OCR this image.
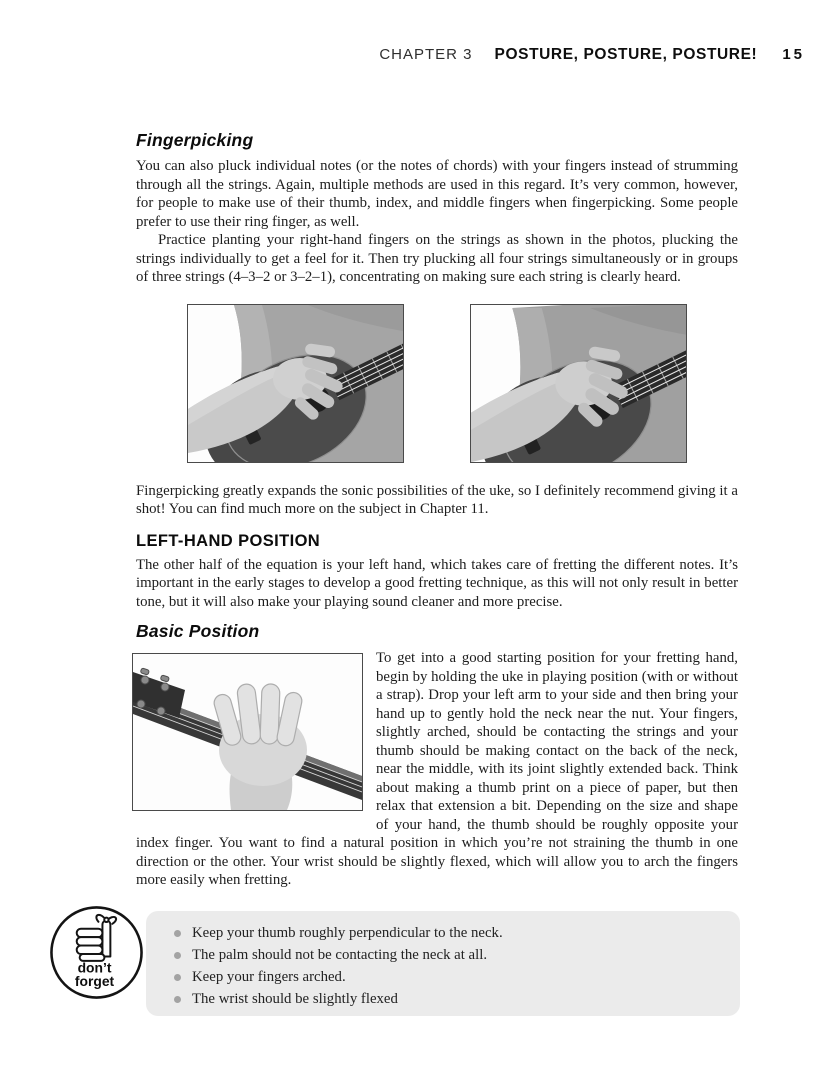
CHAPTER 3 POSTURE, POSTURE, POSTURE! 15
Fingerpicking

You can also pluck individual notes (or the notes of chords) with your fingers instead of strumming through all the strings. Again, multiple methods are used in this regard. It’s very common, however, for people to make use of their thumb, index, and middle fingers when fingerpicking. Some people prefer to use their ring finger, as well.

Practice planting your right-hand fingers on the strings as shown in the photos, plucking the strings individually to get a feel for it. Then try plucking all four strings simultaneously or in groups of three strings (4–3–2 or 3–2–1), concentrating on making sure each string is clearly heard.

Fingerpicking greatly expands the sonic possibilities of the uke, so I definitely recommend giving it a shot! You can find much more on the subject in Chapter 11.

LEFT-HAND POSITION

The other half of the equation is your left hand, which takes care of fretting the different notes. It’s important in the early stages to develop a good fretting technique, as this will not only result in better tone, but it will also make your playing sound cleaner and more precise.

Basic Position

To get into a good starting position for your fretting hand, begin by holding the uke in playing position (with or without a strap). Drop your left arm to your side and then bring your hand up to gently hold the neck near the nut. Your fingers, slightly arched, should be contacting the strings and your thumb should be making contact on the back of the neck, near the middle, with its joint slightly extended back. Think about making a thumb print on a piece of paper, but then relax that extension a bit. Depending on the size and shape of your hand, the thumb should be roughly opposite your index finger. You want to find a natural position in which you’re not straining the thumb in one direction or the other. Your wrist should be slightly flexed, which will allow you to arch the fingers more easily when fretting.

don’t
forget
Keep your thumb roughly perpendicular to the neck.
The palm should not be contacting the neck at all.
Keep your fingers arched.
The wrist should be slightly flexed
